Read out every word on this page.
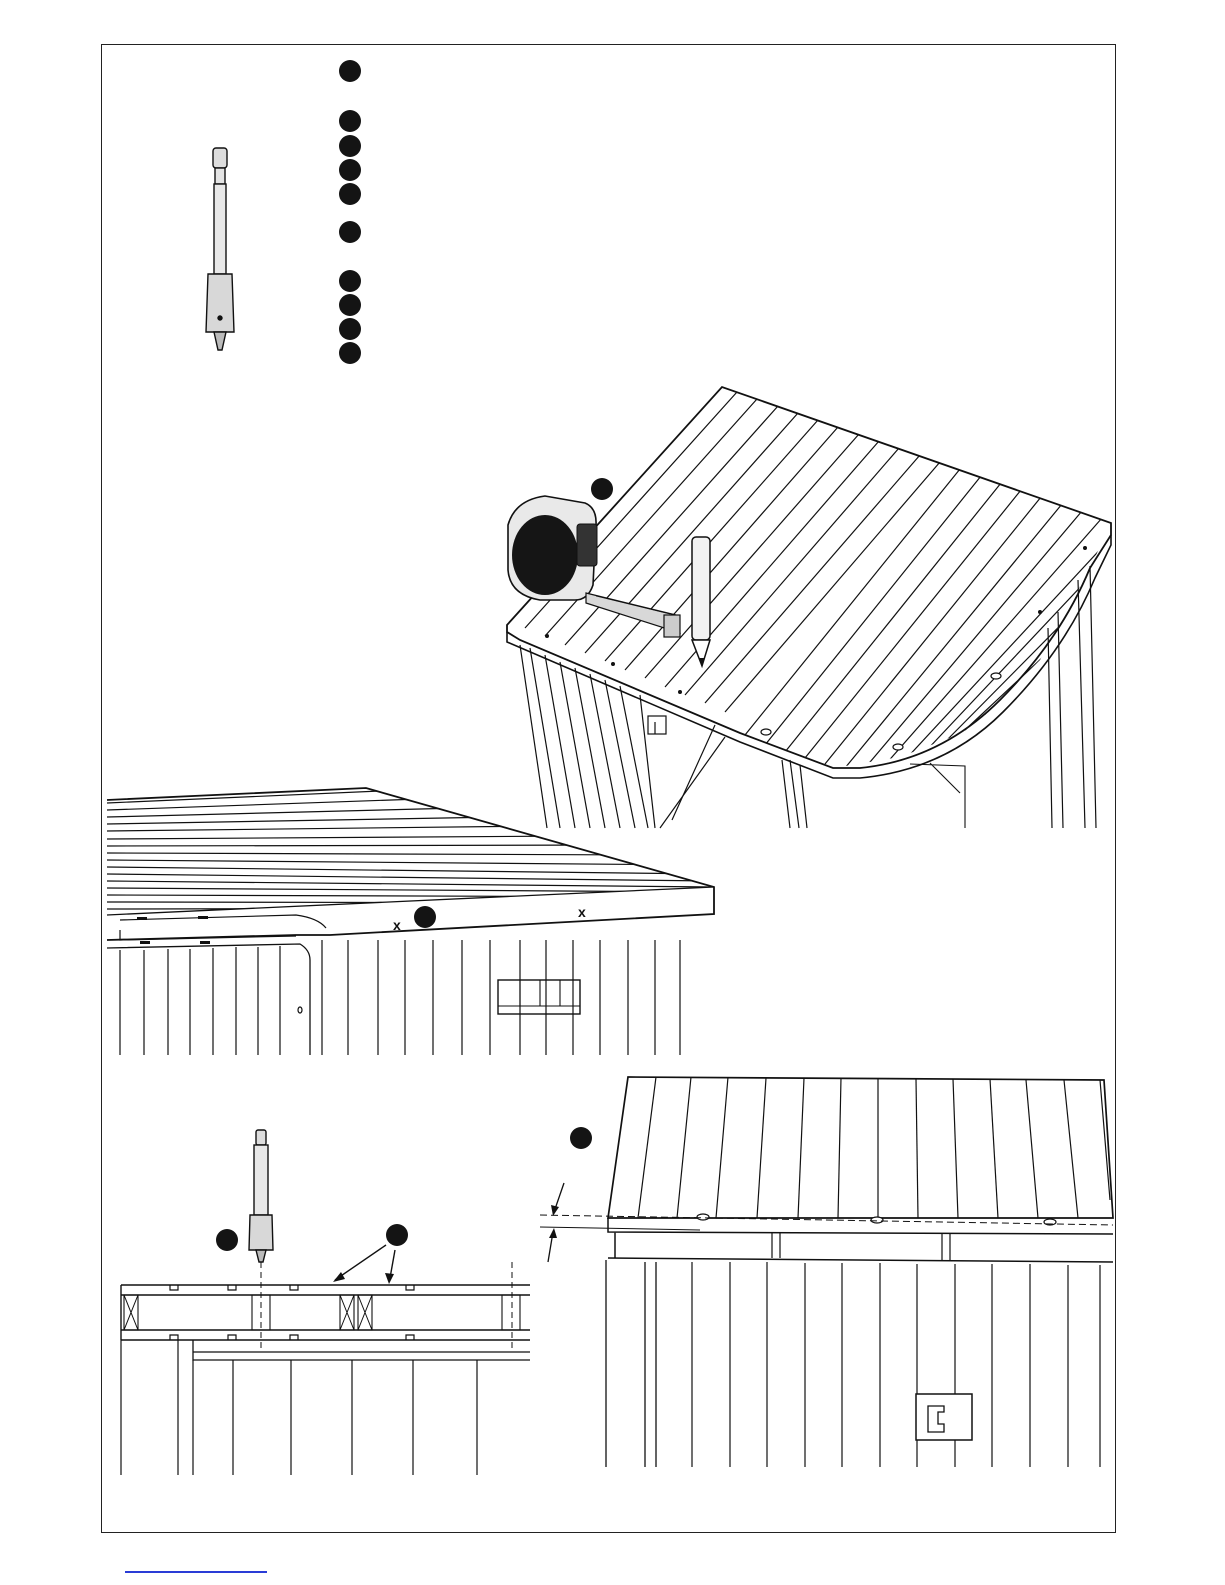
x
x
